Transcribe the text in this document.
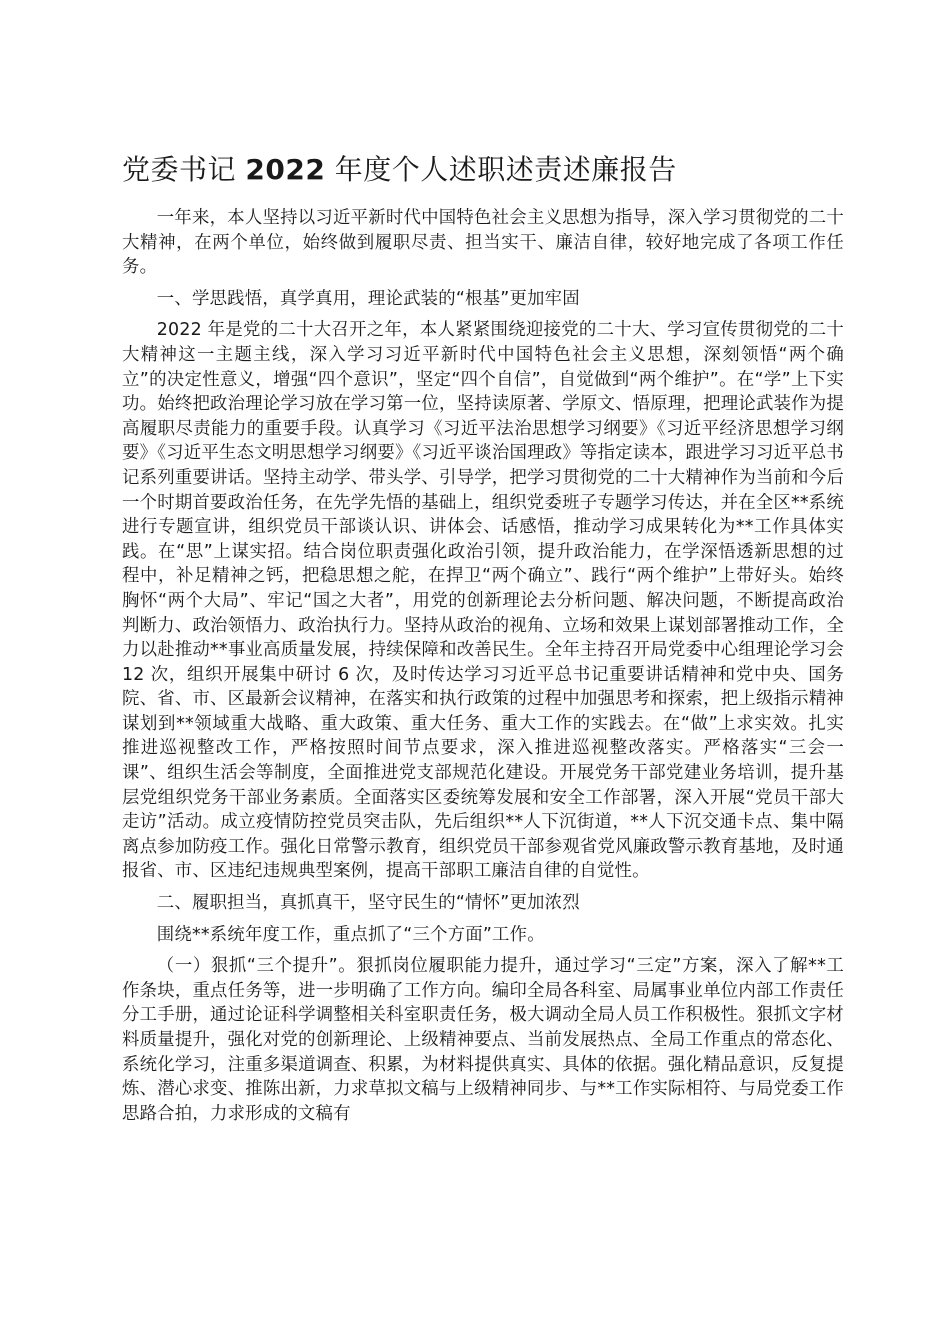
党委书记 2022 年度个人述职述责述廉报告

一年来，本人坚持以习近平新时代中国特色社会主义思想为指导，深入学习贯彻党的二十大精神，在两个单位，始终做到履职尽责、担当实干、廉洁自律，较好地完成了各项工作任务。

一、学思践悟，真学真用，理论武装的“根基”更加牢固

2022 年是党的二十大召开之年，本人紧紧围绕迎接党的二十大、学习宣传贯彻党的二十大精神这一主题主线，深入学习习近平新时代中国特色社会主义思想，深刻领悟“两个确立”的决定性意义，增强“四个意识”，坚定“四个自信”，自觉做到“两个维护”。在“学”上下实功。始终把政治理论学习放在学习第一位，坚持读原著、学原文、悟原理，把理论武装作为提高履职尽责能力的重要手段。认真学习《习近平法治思想学习纲要》《习近平经济思想学习纲要》《习近平生态文明思想学习纲要》《习近平谈治国理政》等指定读本，跟进学习习近平总书记系列重要讲话。坚持主动学、带头学、引导学，把学习贯彻党的二十大精神作为当前和今后一个时期首要政治任务，在先学先悟的基础上，组织党委班子专题学习传达，并在全区**系统进行专题宣讲，组织党员干部谈认识、讲体会、话感悟，推动学习成果转化为**工作具体实践。在“思”上谋实招。结合岗位职责强化政治引领，提升政治能力，在学深悟透新思想的过程中，补足精神之钙，把稳思想之舵，在捍卫“两个确立”、践行“两个维护”上带好头。始终胸怀“两个大局”、牢记“国之大者”，用党的创新理论去分析问题、解决问题，不断提高政治判断力、政治领悟力、政治执行力。坚持从政治的视角、立场和效果上谋划部署推动工作，全力以赴推动**事业高质量发展，持续保障和改善民生。全年主持召开局党委中心组理论学习会 12 次，组织开展集中研讨 6 次，及时传达学习习近平总书记重要讲话精神和党中央、国务院、省、市、区最新会议精神，在落实和执行政策的过程中加强思考和探索，把上级指示精神谋划到**领域重大战略、重大政策、重大任务、重大工作的实践去。在“做”上求实效。扎实推进巡视整改工作，严格按照时间节点要求，深入推进巡视整改落实。严格落实“三会一课”、组织生活会等制度，全面推进党支部规范化建设。开展党务干部党建业务培训，提升基层党组织党务干部业务素质。全面落实区委统筹发展和安全工作部署，深入开展“党员干部大走访”活动。成立疫情防控党员突击队，先后组织**人下沉街道，**人下沉交通卡点、集中隔离点参加防疫工作。强化日常警示教育，组织党员干部参观省党风廉政警示教育基地，及时通报省、市、区违纪违规典型案例，提高干部职工廉洁自律的自觉性。

二、履职担当，真抓真干，坚守民生的“情怀”更加浓烈

围绕**系统年度工作，重点抓了“三个方面”工作。

（一）狠抓“三个提升”。狠抓岗位履职能力提升，通过学习“三定”方案，深入了解**工作条块，重点任务等，进一步明确了工作方向。编印全局各科室、局属事业单位内部工作责任分工手册，通过论证科学调整相关科室职责任务，极大调动全局人员工作积极性。狠抓文字材料质量提升，强化对党的创新理论、上级精神要点、当前发展热点、全局工作重点的常态化、系统化学习，注重多渠道调查、积累，为材料提供真实、具体的依据。强化精品意识，反复提炼、潜心求变、推陈出新，力求草拟文稿与上级精神同步、与**工作实际相符、与局党委工作思路合拍，力求形成的文稿有
